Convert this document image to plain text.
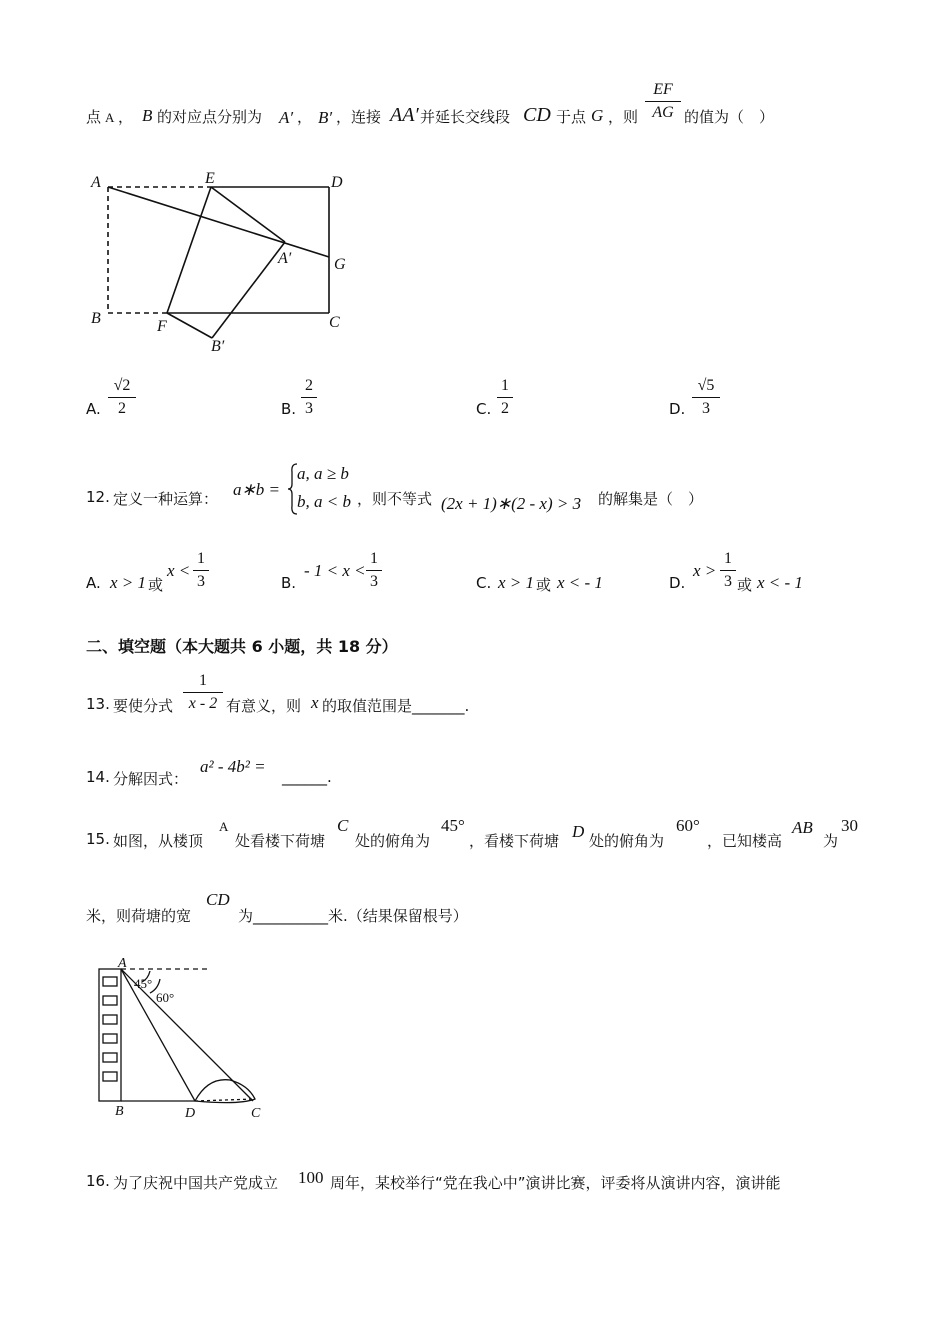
点 A ， B 的对应点分别为 A′ ， B′ ，连接 AA′ 并延长交线段 CD 于点 G ，则
EF
AG 的值为（　）
A	E	D
A′	G
B	F	C
B′
A.
√2
2	B.
2
3	C.
1
2	D.
√5
3
12. 定义一种运算： a∗b =
a, a ≥ b
b, a < b ，则不等式 (2x + 1)∗(2 - x) > 3 的解集是（　）
A. x > 1 或
x <
1
3	B.
- 1 < x <
1
3	C. x > 1 或 x < - 1	D.
x >
1
3 或 x < - 1
二、填空题（本大题共 6 小题，共 18 分）
13. 要使分式
1
x - 2 有意义，则 x 的取值范围是_______.
14. 分解因式：
a² - 4b² =
______.
15. 如图，从楼顶
A
处看楼下荷塘
C
处的俯角为
45°
，看楼下荷塘 D 处的俯角为
60°
，已知楼高
AB
为
30
米，则荷塘的宽
CD
为__________米.（结果保留根号）
A
B	D	C
45°
60°
16. 为了庆祝中国共产党成立 100 周年，某校举行“党在我心中”演讲比赛，评委将从演讲内容，演讲能
